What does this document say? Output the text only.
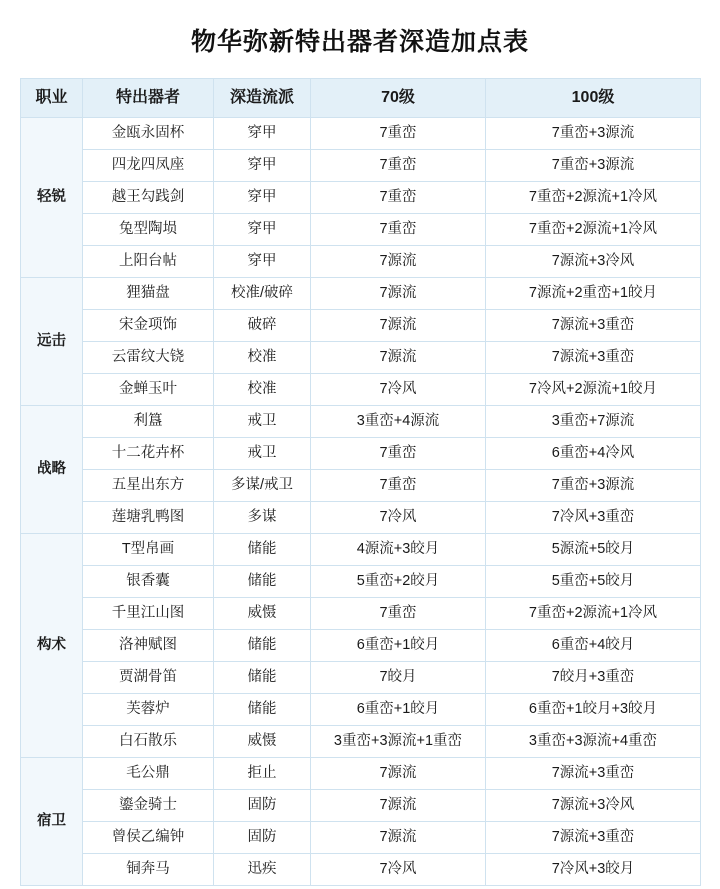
物华弥新特出器者深造加点表
职业	特出器者	深造流派	70级	100级
轻锐	金瓯永固杯	穿甲	7重峦	7重峦+3源流
	四龙四凤座	穿甲	7重峦	7重峦+3源流
	越王勾践剑	穿甲	7重峦	7重峦+2源流+1冷风
	兔型陶埙	穿甲	7重峦	7重峦+2源流+1冷风
	上阳台帖	穿甲	7源流	7源流+3冷风
远击	狸猫盘	校准/破碎	7源流	7源流+2重峦+1皎月
	宋金项饰	破碎	7源流	7源流+3重峦
	云雷纹大铙	校准	7源流	7源流+3重峦
	金蝉玉叶	校准	7冷风	7冷风+2源流+1皎月
战略	利簋	戒卫	3重峦+4源流	3重峦+7源流
	十二花卉杯	戒卫	7重峦	6重峦+4冷风
	五星出东方	多谋/戒卫	7重峦	7重峦+3源流
	莲塘乳鸭图	多谋	7冷风	7冷风+3重峦
构术	T型帛画	储能	4源流+3皎月	5源流+5皎月
	银香囊	储能	5重峦+2皎月	5重峦+5皎月
	千里江山图	威慑	7重峦	7重峦+2源流+1冷风
	洛神赋图	储能	6重峦+1皎月	6重峦+4皎月
	贾湖骨笛	储能	7皎月	7皎月+3重峦
	芙蓉炉	储能	6重峦+1皎月	6重峦+1皎月+3皎月
	白石散乐	威慑	3重峦+3源流+1重峦	3重峦+3源流+4重峦
宿卫	毛公鼎	拒止	7源流	7源流+3重峦
	鎏金骑士	固防	7源流	7源流+3冷风
	曾侯乙编钟	固防	7源流	7源流+3重峦
	铜奔马	迅疾	7冷风	7冷风+3皎月
